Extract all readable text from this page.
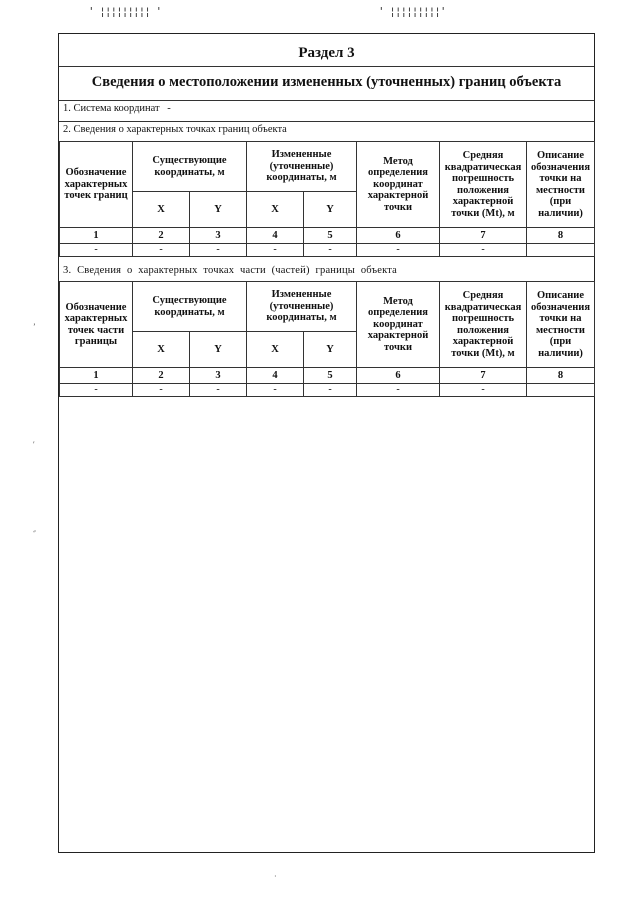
' ¦¦¦¦¦¦¦¦¦ '	' ¦¦¦¦¦¦¦¦¦'
ʼ
ʹ
״
Раздел 3
Сведения о местоположении измененных (уточненных) границ объекта
1. Система координат -
2. Сведения о характерных точках границ объекта
Обозначение характерных точек границ	Существующие координаты, м		Измененные (уточненные) координаты, м		Метод определения координат характерной точки	Средняя квадратическая погрешность положения характерной точки (Mt), м	Описание обозначения точки на местности (при наличии)
	X	Y	X	Y			
1	2	3	4	5	6	7	8
-	-	-	-	-	-	-	
3. Сведения о характерных точках части (частей) границы объекта
Обозначение характерных точек части границы	Существующие координаты, м		Измененные (уточненные) координаты, м		Метод определения координат характерной точки	Средняя квадратическая погрешность положения характерной точки (Mt), м	Описание обозначения точки на местности (при наличии)
	X	Y	X	Y			
1	2	3	4	5	6	7	8
-	-	-	-	-	-	-	
·
